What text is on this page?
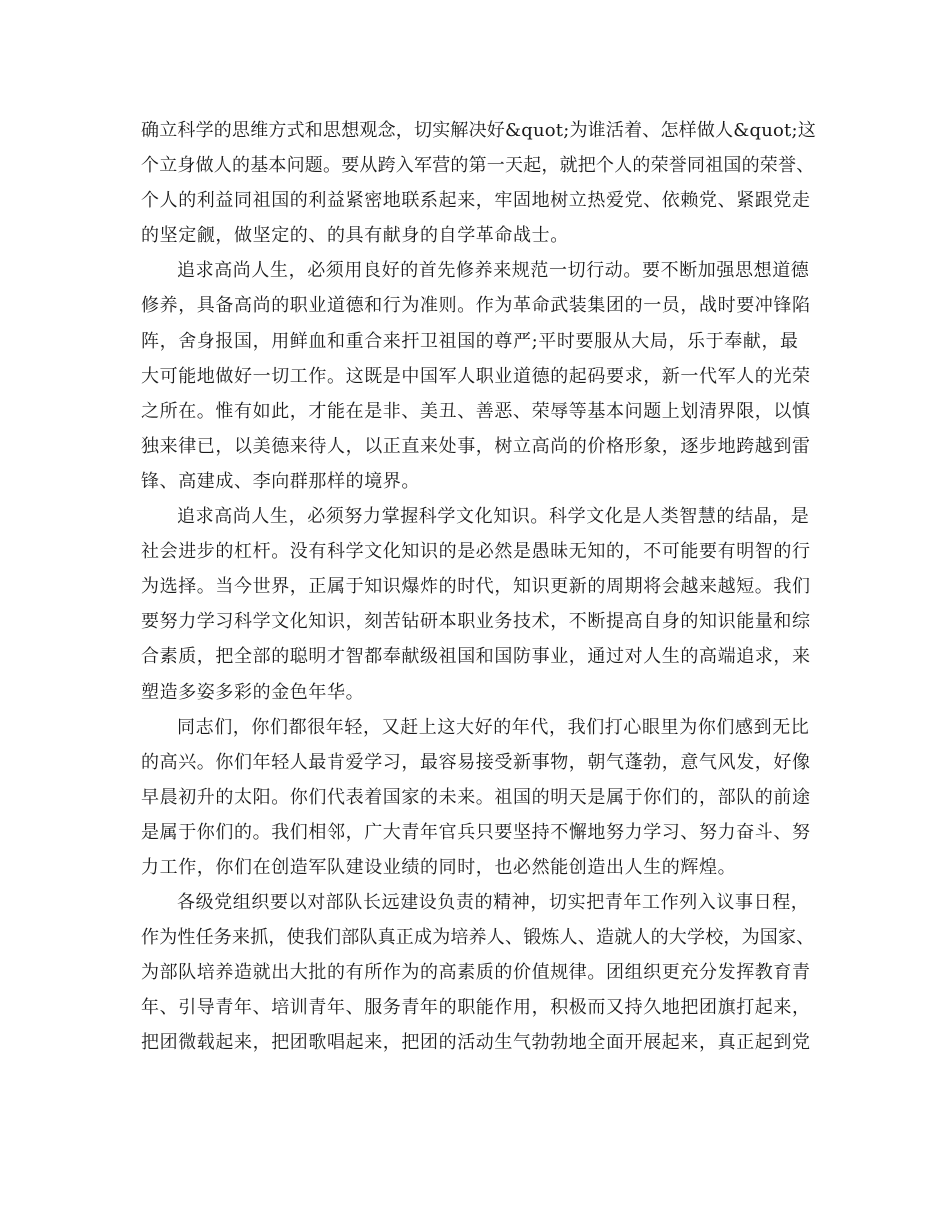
确立科学的思维方式和思想观念，切实解决好&quot;为谁活着、怎样做人&quot;这
个立身做人的基本问题。要从跨入军营的第一天起，就把个人的荣誉同祖国的荣誉、
个人的利益同祖国的利益紧密地联系起来，牢固地树立热爱党、依赖党、紧跟党走
的坚定觎，做坚定的、的具有献身的自学革命战士。
追求高尚人生，必须用良好的首先修养来规范一切行动。要不断加强思想道德
修养，具备高尚的职业道德和行为准则。作为革命武装集团的一员，战时要冲锋陷
阵，舍身报国，用鲜血和重合来扞卫祖国的尊严;平时要服从大局，乐于奉献，最
大可能地做好一切工作。这既是中国军人职业道德的起码要求，新一代军人的光荣
之所在。惟有如此，才能在是非、美丑、善恶、荣辱等基本问题上划清界限，以慎
独来律已，以美德来待人，以正直来处事，树立高尚的价格形象，逐步地跨越到雷
锋、高建成、李向群那样的境界。
追求高尚人生，必须努力掌握科学文化知识。科学文化是人类智慧的结晶，是
社会进步的杠杆。没有科学文化知识的是必然是愚昧无知的，不可能要有明智的行
为选择。当今世界，正属于知识爆炸的时代，知识更新的周期将会越来越短。我们
要努力学习科学文化知识，刻苦钻研本职业务技术，不断提高自身的知识能量和综
合素质，把全部的聪明才智都奉献级祖国和国防事业，通过对人生的高端追求，来
塑造多姿多彩的金色年华。
同志们，你们都很年轻，又赶上这大好的年代，我们打心眼里为你们感到无比
的高兴。你们年轻人最肯爱学习，最容易接受新事物，朝气蓬勃，意气风发，好像
早晨初升的太阳。你们代表着国家的未来。祖国的明天是属于你们的，部队的前途
是属于你们的。我们相邻，广大青年官兵只要坚持不懈地努力学习、努力奋斗、努
力工作，你们在创造军队建设业绩的同时，也必然能创造出人生的辉煌。
各级党组织要以对部队长远建设负责的精神，切实把青年工作列入议事日程，
作为性任务来抓，使我们部队真正成为培养人、锻炼人、造就人的大学校，为国家、
为部队培养造就出大批的有所作为的高素质的价值规律。团组织更充分发挥教育青
年、引导青年、培训青年、服务青年的职能作用，积极而又持久地把团旗打起来，
把团微载起来，把团歌唱起来，把团的活动生气勃勃地全面开展起来，真正起到党
